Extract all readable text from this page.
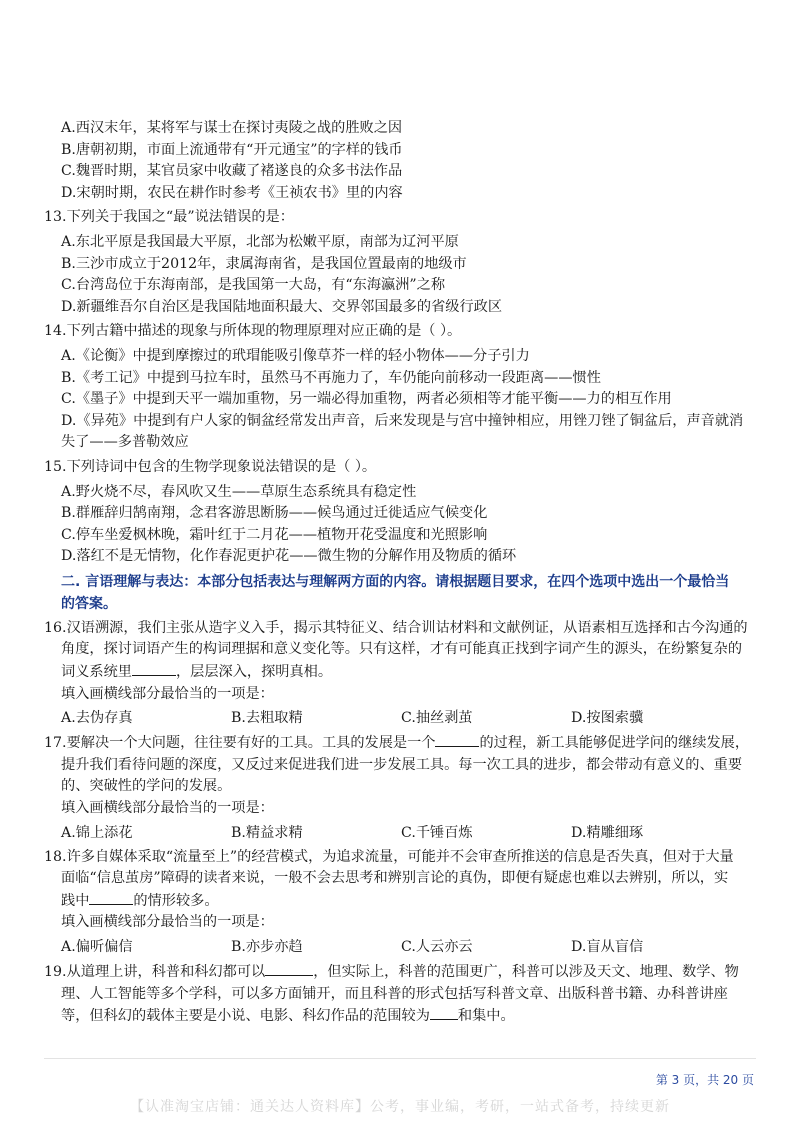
A.西汉末年，某将军与谋士在探讨夷陵之战的胜败之因
B.唐朝初期，市面上流通带有“开元通宝”的字样的钱币
C.魏晋时期，某官员家中收藏了褚遂良的众多书法作品
D.宋朝时期，农民在耕作时参考《王祯农书》里的内容
13.下列关于我国之“最”说法错误的是：
A.东北平原是我国最大平原，北部为松嫩平原，南部为辽河平原
B.三沙市成立于2012年，隶属海南省，是我国位置最南的地级市
C.台湾岛位于东海南部，是我国第一大岛，有“东海瀛洲”之称
D.新疆维吾尔自治区是我国陆地面积最大、交界邻国最多的省级行政区
14.下列古籍中描述的现象与所体现的物理原理对应正确的是（ ）。
A.《论衡》中提到摩擦过的玳瑁能吸引像草芥一样的轻小物体——分子引力
B.《考工记》中提到马拉车时，虽然马不再施力了，车仍能向前移动一段距离——惯性
C.《墨子》中提到天平一端加重物，另一端必得加重物，两者必须相等才能平衡——力的相互作用
D.《异苑》中提到有户人家的铜盆经常发出声音，后来发现是与宫中撞钟相应，用锉刀锉了铜盆后，声音就消
失了——多普勒效应
15.下列诗词中包含的生物学现象说法错误的是（ ）。
A.野火烧不尽，春风吹又生——草原生态系统具有稳定性
B.群雁辞归鹄南翔，念君客游思断肠——候鸟通过迁徙适应气候变化
C.停车坐爱枫林晚，霜叶红于二月花——植物开花受温度和光照影响
D.落红不是无情物，化作春泥更护花——微生物的分解作用及物质的循环
二. 言语理解与表达：本部分包括表达与理解两方面的内容。请根据题目要求，在四个选项中选出一个最恰当
的答案。
16.汉语溯源，我们主张从造字义入手，揭示其特征义、结合训诂材料和文献例证，从语素相互选择和古今沟通的
角度，探讨词语产生的构词理据和意义变化等。只有这样，才有可能真正找到字词产生的源头，在纷繁复杂的
词义系统里	，层层深入，探明真相。
填入画横线部分最恰当的一项是：
A.去伪存真	B.去粗取精	C.抽丝剥茧	D.按图索骥
17.要解决一个大问题，往往要有好的工具。工具的发展是一个	的过程，新工具能够促进学问的继续发展，
提升我们看待问题的深度，又反过来促进我们进一步发展工具。每一次工具的进步，都会带动有意义的、重要
的、突破性的学问的发展。
填入画横线部分最恰当的一项是：
A.锦上添花	B.精益求精	C.千锤百炼	D.精雕细琢
18.许多自媒体采取“流量至上”的经营模式，为追求流量，可能并不会审查所推送的信息是否失真，但对于大量
面临“信息茧房”障碍的读者来说，一般不会去思考和辨别言论的真伪，即便有疑虑也难以去辨别，所以，实
践中	的情形较多。
填入画横线部分最恰当的一项是：
A.偏听偏信	B.亦步亦趋	C.人云亦云	D.盲从盲信
19.从道理上讲，科普和科幻都可以	，但实际上，科普的范围更广，科普可以涉及天文、地理、数学、物
理、人工智能等多个学科，可以多方面铺开，而且科普的形式包括写科普文章、出版科普书籍、办科普讲座
等，但科幻的载体主要是小说、电影、科幻作品的范围较为 和集中。
第 3 页，共 20 页
【认准淘宝店铺：通关达人资料库】公考，事业编，考研，一站式备考，持续更新
